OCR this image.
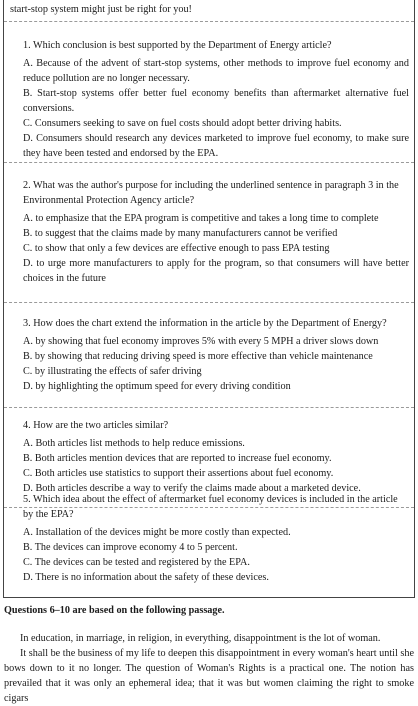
start-stop system might just be right for you!
1. Which conclusion is best supported by the Department of Energy article?
A. Because of the advent of start-stop systems, other methods to improve fuel economy and reduce pollution are no longer necessary.
B. Start-stop systems offer better fuel economy benefits than aftermarket alternative fuel conversions.
C. Consumers seeking to save on fuel costs should adopt better driving habits.
D. Consumers should research any devices marketed to improve fuel economy, to make sure they have been tested and endorsed by the EPA.
2. What was the author's purpose for including the underlined sentence in paragraph 3 in the Environmental Protection Agency article?
A. to emphasize that the EPA program is competitive and takes a long time to complete
B. to suggest that the claims made by many manufacturers cannot be verified
C. to show that only a few devices are effective enough to pass EPA testing
D. to urge more manufacturers to apply for the program, so that consumers will have better choices in the future
3. How does the chart extend the information in the article by the Department of Energy?
A. by showing that fuel economy improves 5% with every 5 MPH a driver slows down
B. by showing that reducing driving speed is more effective than vehicle maintenance
C. by illustrating the effects of safer driving
D. by highlighting the optimum speed for every driving condition
4. How are the two articles similar?
A. Both articles list methods to help reduce emissions.
B. Both articles mention devices that are reported to increase fuel economy.
C. Both articles use statistics to support their assertions about fuel economy.
D. Both articles describe a way to verify the claims made about a marketed device.
5. Which idea about the effect of aftermarket fuel economy devices is included in the article by the EPA?
A. Installation of the devices might be more costly than expected.
B. The devices can improve economy 4 to 5 percent.
C. The devices can be tested and registered by the EPA.
D. There is no information about the safety of these devices.
Questions 6–10 are based on the following passage.

In education, in marriage, in religion, in everything, disappointment is the lot of woman.

It shall be the business of my life to deepen this disappointment in every woman's heart until she bows down to it no longer. The question of Woman's Rights is a practical one. The notion has prevailed that it was only an ephemeral idea; that it was but women claiming the right to smoke cigars
